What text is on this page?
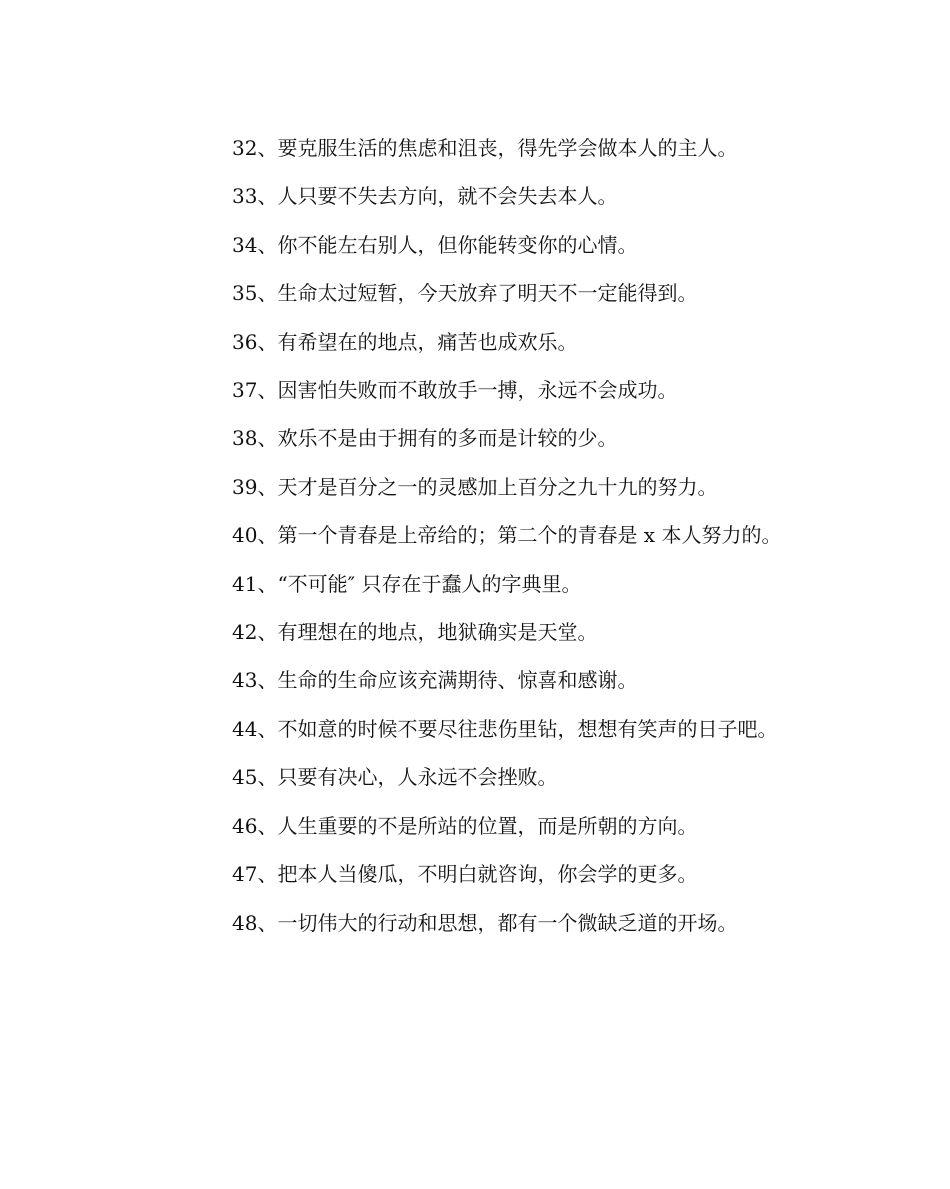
32、要克服生活的焦虑和沮丧，得先学会做本人的主人。

33、人只要不失去方向，就不会失去本人。

34、你不能左右别人，但你能转变你的心情。

35、生命太过短暂，今天放弃了明天不一定能得到。

36、有希望在的地点，痛苦也成欢乐。

37、因害怕失败而不敢放手一搏，永远不会成功。

38、欢乐不是由于拥有的多而是计较的少。

39、天才是百分之一的灵感加上百分之九十九的努力。

40、第一个青春是上帝给的；第二个的青春是 x 本人努力的。

41、“不可能″ 只存在于蠢人的字典里。

42、有理想在的地点，地狱确实是天堂。

43、生命的生命应该充满期待、惊喜和感谢。

44、不如意的时候不要尽往悲伤里钻，想想有笑声的日子吧。

45、只要有决心，人永远不会挫败。

46、人生重要的不是所站的位置，而是所朝的方向。

47、把本人当傻瓜，不明白就咨询，你会学的更多。

48、一切伟大的行动和思想，都有一个微缺乏道的开场。
